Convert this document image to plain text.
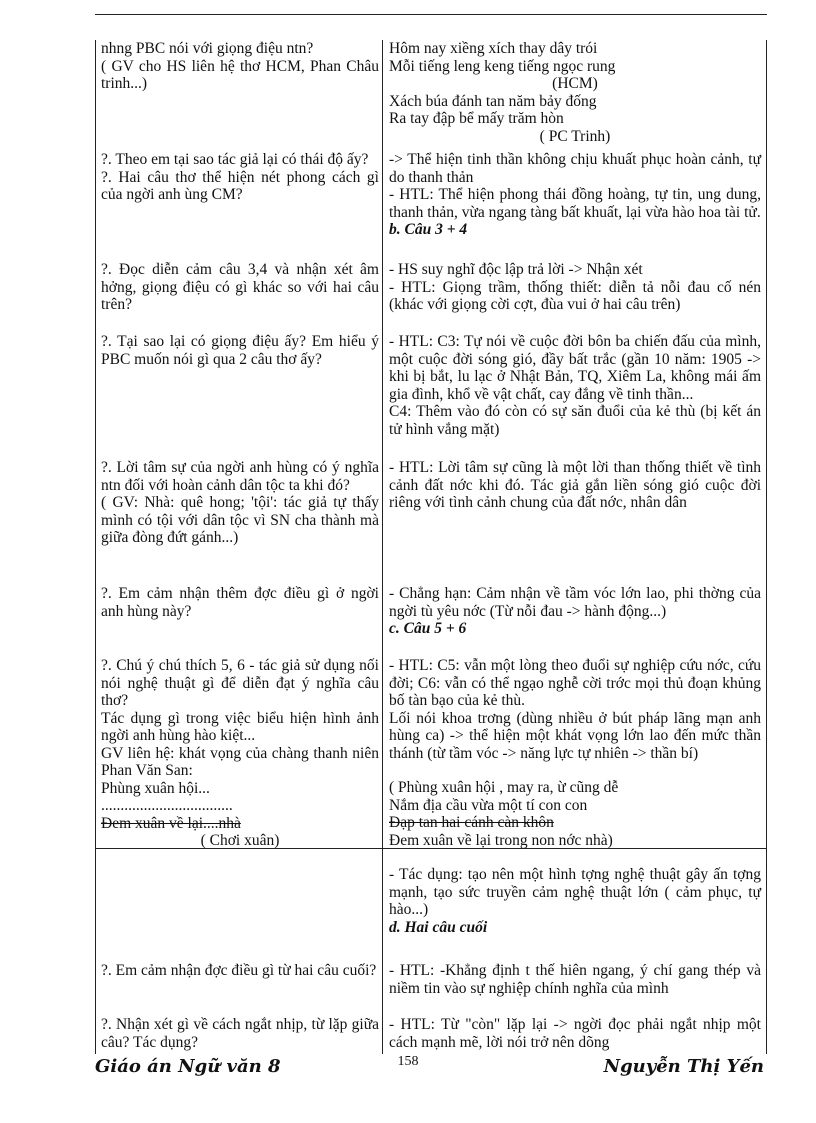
nhng PBC nói với giọng điệu ntn?

( GV cho HS liên hệ thơ HCM, Phan Châu trinh...)

Hôm nay xiềng xích thay dây trói

Mỗi tiếng leng keng tiếng ngọc rung

(HCM)

Xách búa đánh tan năm bảy đống

Ra tay đập bể mấy trăm hòn

( PC Trinh)

?. Theo em tại sao tác giả lại có thái độ ấy?

?. Hai câu thơ thể hiện nét phong cách gì của ngời anh ùng CM?

-> Thể hiện tinh thần không chịu khuất phục hoàn cảnh, tự do thanh thản

- HTL: Thể hiện phong thái đồng hoàng, tự tin, ung dung, thanh thản, vừa ngang tàng bất khuất, lại vừa hào hoa tài tử.

b. Câu 3 + 4

?. Đọc diễn cảm câu 3,4 và nhận xét âm hởng, giọng điệu có gì khác so với hai câu trên?

- HS suy nghĩ độc lập trả lời -> Nhận xét

- HTL: Giọng trầm, thống thiết: diễn tả nỗi đau cố nén (khác với giọng cời cợt, đùa vui ở hai câu trên)

?. Tại sao lại có giọng điệu ấy? Em hiểu ý PBC muốn nói gì qua 2 câu thơ ấy?

- HTL: C3: Tự nói về cuộc đời bôn ba chiến đấu của mình, một cuộc đời sóng gió, đầy bất trắc (gần 10 năm: 1905 -> khi bị bắt, lu lạc ở Nhật Bản, TQ, Xiêm La, không mái ấm gia đình, khổ về vật chất, cay đắng về tinh thần...

C4: Thêm vào đó còn có sự săn đuổi của kẻ thù (bị kết án tử hình vắng mặt)

?. Lời tâm sự của ngời anh hùng có ý nghĩa ntn đối với hoàn cảnh dân tộc ta khi đó?

( GV: Nhà: quê hong; 'tội': tác giả tự thấy mình có tội với dân tộc vì SN cha thành mà giữa đòng đứt gánh...)

- HTL: Lời tâm sự cũng là một lời than thống thiết về tình cảnh đất nớc khi đó. Tác giả gắn liền sóng gió cuộc đời riêng với tình cảnh chung của đất nớc, nhân dân

?. Em cảm nhận thêm đợc điều gì ở ngời anh hùng này?

- Chẳng hạn: Cảm nhận về tầm vóc lớn lao, phi thờng của ngời tù yêu nớc (Từ nỗi đau -> hành động...)

c. Câu 5 + 6

?. Chú ý chú thích 5, 6 - tác giả sử dụng nối nói nghệ thuật gì để diễn đạt ý nghĩa câu thơ?

Tác dụng gì trong việc biểu hiện hình ảnh ngời anh hùng hào kiệt...

GV liên hệ: khát vọng của chàng thanh niên Phan Văn San:

Phùng xuân hội...

..................................

Đem xuân về lại....nhà

( Chơi xuân)

- HTL: C5: vẫn một lòng theo đuổi sự nghiệp cứu nớc, cứu đời; C6: vẫn có thể ngạo nghễ cời trớc mọi thủ đoạn khủng bố tàn bạo của kẻ thù.

Lối nói khoa trơng (dùng nhiều ở bút pháp lãng mạn anh hùng ca) -> thể hiện một khát vọng lớn lao đến mức thần thánh (từ tầm vóc -> năng lực tự nhiên -> thần bí)

( Phùng xuân hội , may ra, ừ cũng dễ

Nắm địa cầu vừa một tí con con

Đạp tan hai cánh càn khôn

Đem xuân về lại trong non nớc nhà)

- Tác dụng: tạo nên một hình tợng nghệ thuật gây ấn tợng mạnh, tạo sức truyền cảm nghệ thuật lớn ( cảm phục, tự hào...)

d. Hai câu cuối

?. Em cảm nhận đợc điều gì từ hai câu cuối? - HTL: -Khẳng định t thế hiên ngang, ý chí gang thép và niềm tin vào sự nghiệp chính nghĩa của mình

?. Nhận xét gì về cách ngắt nhịp, từ lặp giữa câu? Tác dụng?

- HTL: Từ "còn" lặp lại -> ngời đọc phải ngắt nhịp một cách mạnh mẽ, lời nói trở nên dõng

Giáo án Ngữ văn 8	158	Nguyễn Thị Yến
